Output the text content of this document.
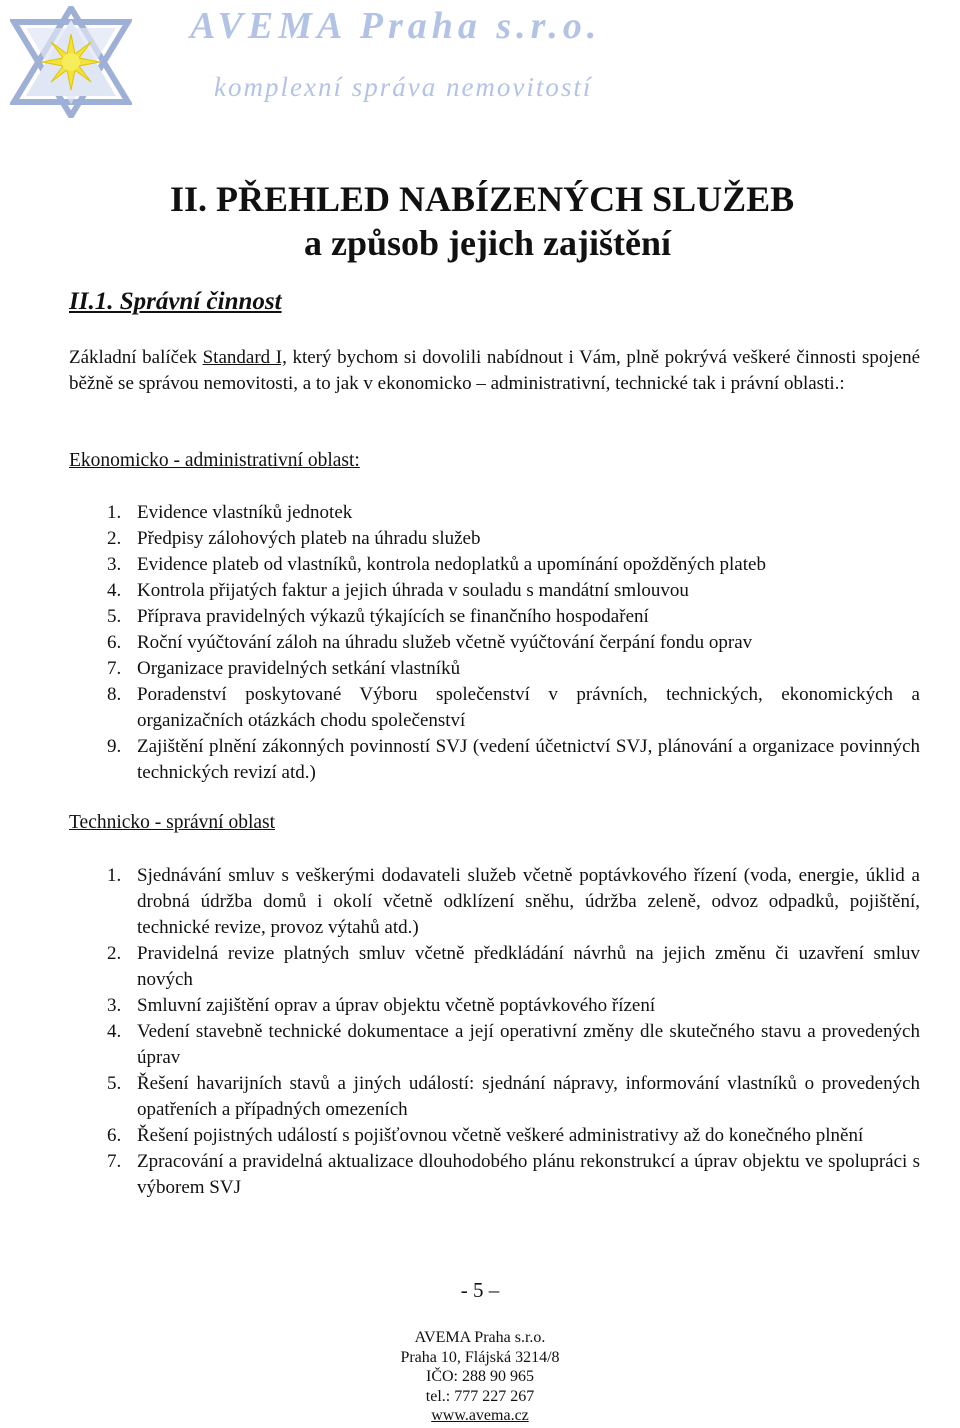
AVEMA Praha s.r.o.
komplexní správa nemovitostí
II. PŘEHLED NABÍZENÝCH SLUŽEB
a způsob jejich zajištění
II.1. Správní činnost

Základní balíček Standard I, který bychom si dovolili nabídnout i Vám, plně pokrývá veškeré činnosti spojené běžně se správou nemovitosti, a to jak v ekonomicko – administrativní, technické tak i právní oblasti.:

Ekonomicko - administrativní oblast:
1. Evidence vlastníků jednotek
2. Předpisy zálohových plateb na úhradu služeb
3. Evidence plateb od vlastníků, kontrola nedoplatků a upomínání opožděných plateb
4. Kontrola přijatých faktur a jejich úhrada v souladu s mandátní smlouvou
5. Příprava pravidelných výkazů týkajících se finančního hospodaření
6. Roční vyúčtování záloh na úhradu služeb včetně vyúčtování čerpání fondu oprav
7. Organizace pravidelných setkání vlastníků
8. Poradenství poskytované Výboru společenství v právních, technických, ekonomických a organizačních otázkách chodu společenství
9. Zajištění plnění zákonných povinností SVJ (vedení účetnictví SVJ, plánování a organizace povinných technických revizí atd.)
Technicko - správní oblast
1. Sjednávání smluv s veškerými dodavateli služeb včetně poptávkového řízení (voda, energie, úklid a drobná údržba domů i okolí včetně odklízení sněhu, údržba zeleně, odvoz odpadků, pojištění, technické revize, provoz výtahů atd.)
2. Pravidelná revize platných smluv včetně předkládání návrhů na jejich změnu či uzavření smluv nových
3. Smluvní zajištění oprav a úprav objektu včetně poptávkového řízení
4. Vedení stavebně technické dokumentace a její operativní změny dle skutečného stavu a provedených úprav
5. Řešení havarijních stavů a jiných událostí: sjednání nápravy, informování vlastníků o provedených opatřeních a případných omezeních
6. Řešení pojistných událostí s pojišťovnou včetně veškeré administrativy až do konečného plnění
7. Zpracování a pravidelná aktualizace dlouhodobého plánu rekonstrukcí a úprav objektu ve spolupráci s výborem SVJ
- 5 –
AVEMA Praha s.r.o.
Praha 10, Flájská 3214/8
IČO: 288 90 965
tel.: 777 227 267
www.avema.cz
